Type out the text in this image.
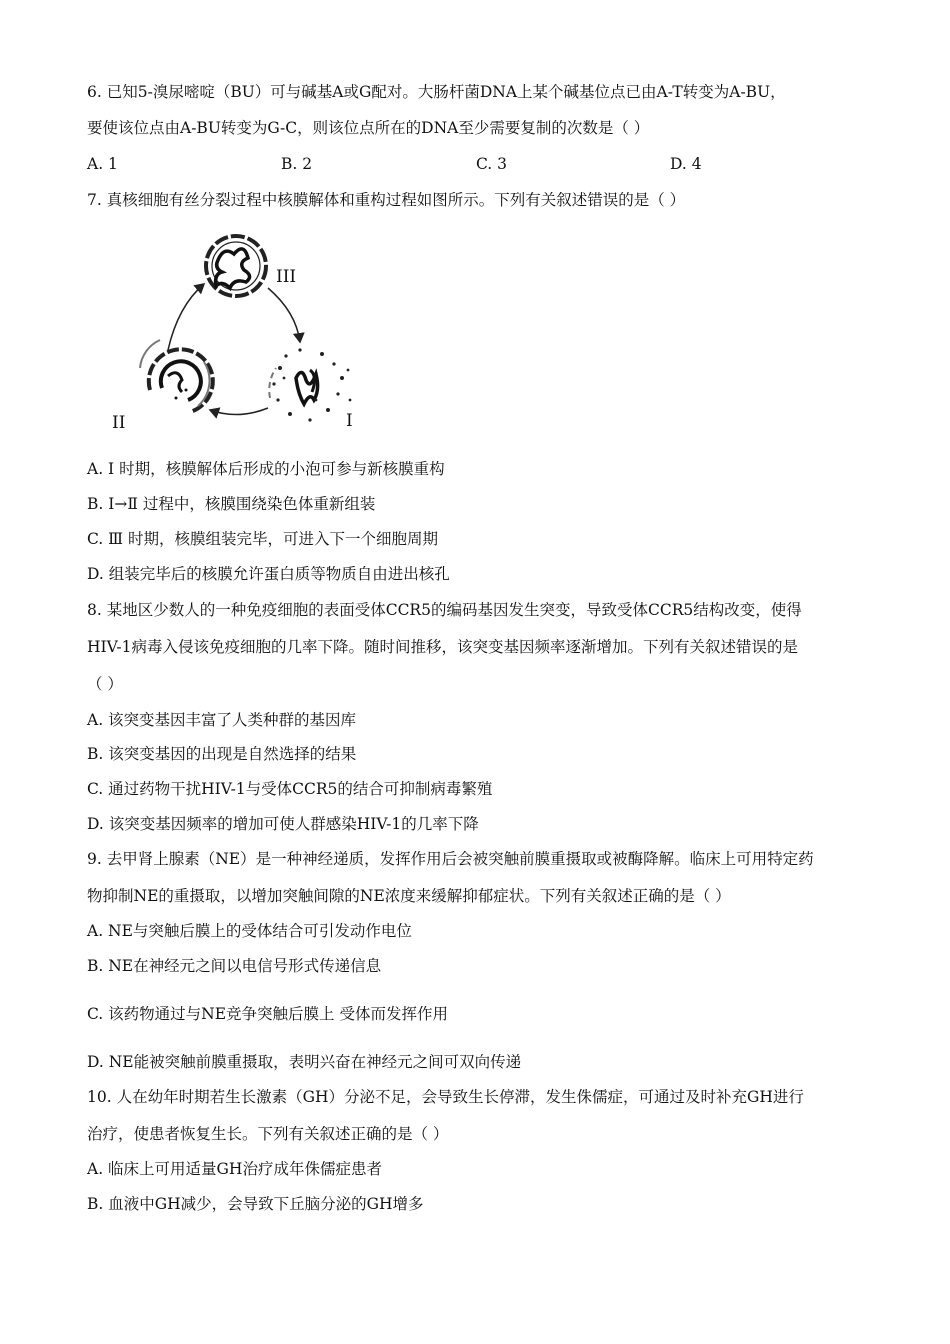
6. 已知5-溴尿嘧啶（BU）可与碱基A或G配对。大肠杆菌DNA上某个碱基位点已由A-T转变为A-BU，
要使该位点由A-BU转变为G-C，则该位点所在的DNA至少需要复制的次数是（ ）
A. 1	B. 2	C. 3	D. 4
7. 真核细胞有丝分裂过程中核膜解体和重构过程如图所示。下列有关叙述错误的是（ ）
III
II	I
A. Ⅰ 时期，核膜解体后形成的小泡可参与新核膜重构
B. Ⅰ→Ⅱ 过程中，核膜围绕染色体重新组装
C. Ⅲ 时期，核膜组装完毕，可进入下一个细胞周期
D. 组装完毕后的核膜允许蛋白质等物质自由进出核孔
8. 某地区少数人的一种免疫细胞的表面受体CCR5的编码基因发生突变，导致受体CCR5结构改变，使得
HIV-1病毒入侵该免疫细胞的几率下降。随时间推移，该突变基因频率逐渐增加。下列有关叙述错误的是
（ ）
A. 该突变基因丰富了人类种群的基因库
B. 该突变基因的出现是自然选择的结果
C. 通过药物干扰HIV-1与受体CCR5的结合可抑制病毒繁殖
D. 该突变基因频率的增加可使人群感染HIV-1的几率下降
9. 去甲肾上腺素（NE）是一种神经递质，发挥作用后会被突触前膜重摄取或被酶降解。临床上可用特定药
物抑制NE的重摄取，以增加突触间隙的NE浓度来缓解抑郁症状。下列有关叙述正确的是（ ）
A. NE与突触后膜上的受体结合可引发动作电位
B. NE在神经元之间以电信号形式传递信息
C. 该药物通过与NE竞争突触后膜上 受体而发挥作用
D. NE能被突触前膜重摄取，表明兴奋在神经元之间可双向传递
10. 人在幼年时期若生长激素（GH）分泌不足，会导致生长停滞，发生侏儒症，可通过及时补充GH进行
治疗，使患者恢复生长。下列有关叙述正确的是（ ）
A. 临床上可用适量GH治疗成年侏儒症患者
B. 血液中GH减少，会导致下丘脑分泌的GH增多
